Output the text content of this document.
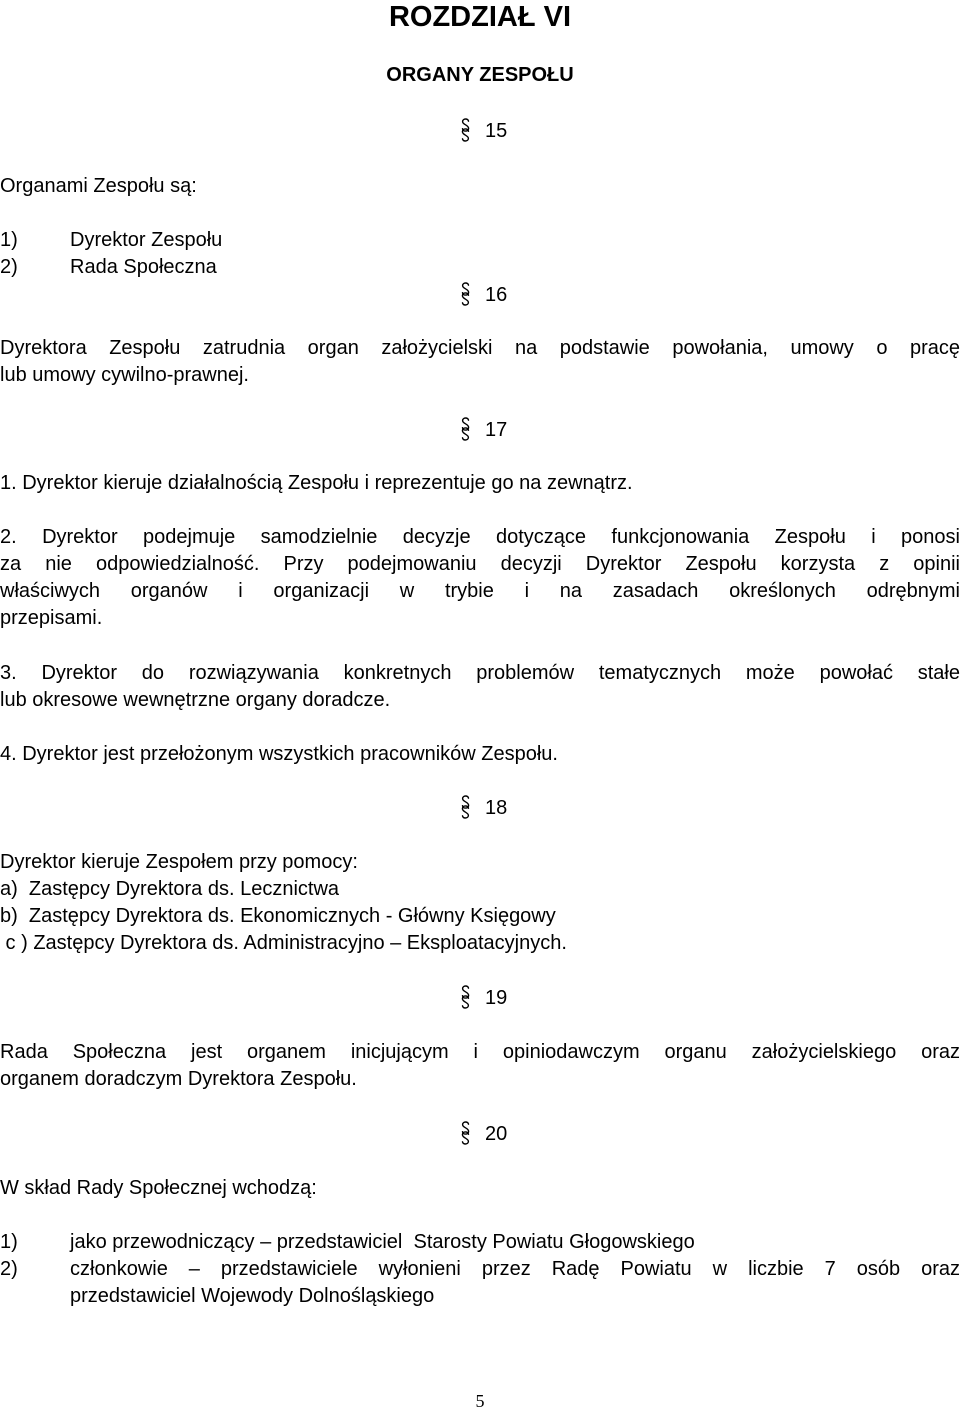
ROZDZIAŁ VI
ORGANY ZESPOŁU
15
Organami Zespołu są:
1)	Dyrektor Zespołu
2)	Rada Społeczna
16
Dyrektora Zespołu zatrudnia organ założycielski na podstawie powołania, umowy o pracę
lub umowy cywilno-prawnej.
17
1. Dyrektor kieruje działalnością Zespołu i reprezentuje go na zewnątrz.
2. Dyrektor podejmuje samodzielnie decyzje dotyczące funkcjonowania Zespołu i ponosi
za nie odpowiedzialność. Przy podejmowaniu decyzji Dyrektor Zespołu korzysta z opinii
właściwych organów i organizacji w trybie i na zasadach określonych odrębnymi
przepisami.
3. Dyrektor do rozwiązywania konkretnych problemów tematycznych może powołać stałe
lub okresowe wewnętrzne organy doradcze.
4. Dyrektor jest przełożonym wszystkich pracowników Zespołu.
18
Dyrektor kieruje Zespołem przy pomocy:
a)  Zastępcy Dyrektora ds. Lecznictwa
b)  Zastępcy Dyrektora ds. Ekonomicznych - Główny Księgowy
c ) Zastępcy Dyrektora ds. Administracyjno – Eksploatacyjnych.
19
Rada Społeczna jest organem inicjującym i opiniodawczym organu założycielskiego oraz
organem doradczym Dyrektora Zespołu.
20
W skład Rady Społecznej wchodzą:
1)	jako przewodniczący – przedstawiciel  Starosty Powiatu Głogowskiego
2)	członkowie – przedstawiciele wyłonieni przez Radę Powiatu w liczbie 7 osób oraz
przedstawiciel Wojewody Dolnośląskiego
5
